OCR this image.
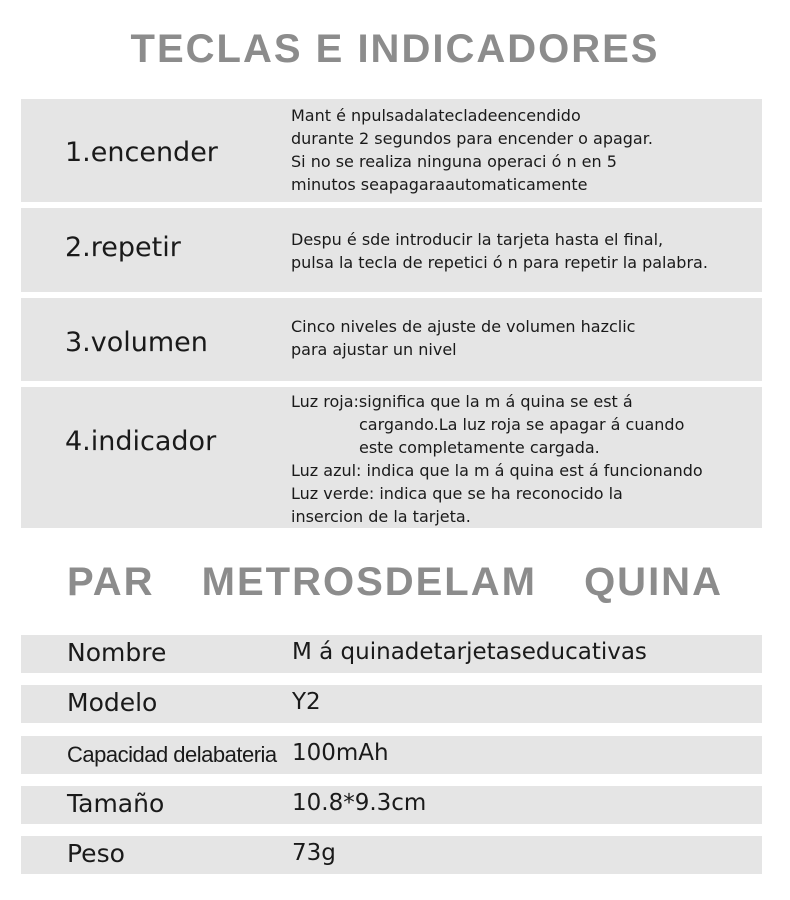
TECLAS E INDICADORES
1.encender
Mant é npulsadalatecladeencendido
durante 2 segundos para encender o apagar.
Si no se realiza ninguna operaci ó n en 5
minutos seapagaraautomaticamente
2.repetir	Despu é sde introducir la tarjeta hasta el final,
pulsa la tecla de repetici ó n para repetir la palabra.
3.volumen
Cinco niveles de ajuste de volumen hazclic
para ajustar un nivel
4.indicador
Luz roja:significa que la m á quina se est á
cargando.La luz roja se apagar á cuando
este completamente cargada.
Luz azul: indica que la m á quina est á funcionando
Luz verde: indica que se ha reconocido la
insercion de la tarjeta.
PAR METROSDELAM QUINA
Nombre	M á quinadetarjetaseducativas
Modelo	Y2
Capacidad delabateria 100mAh
Tamaño	10.8*9.3cm
Peso	73g
